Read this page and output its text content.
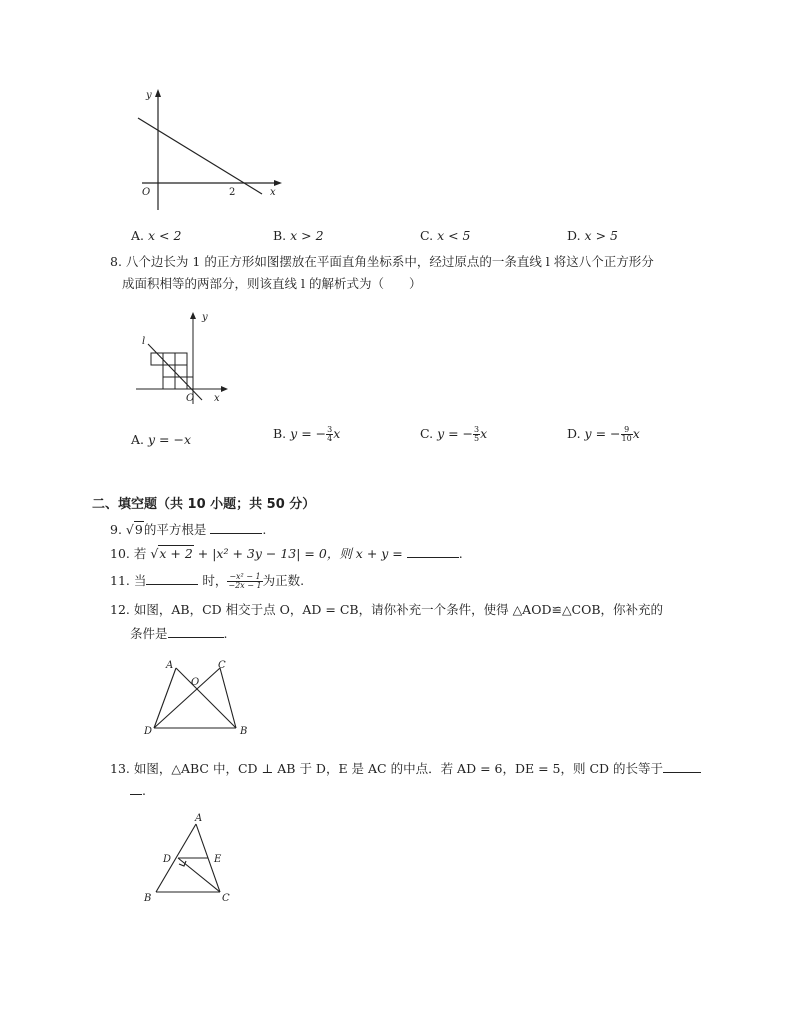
y
O	2	x
A. x < 2	B. x > 2	C. x < 5	D. x > 5
8. 八个边长为 1 的正方形如图摆放在平面直角坐标系中，经过原点的一条直线 l 将这八个正方形分
成面积相等的两部分，则该直线 l 的解析式为（　　）
l
y
O x
A. y = −x	B. y = − $\frac{3}{4}$ x	C. y = − $\frac{3}{5}$ x	D. y = − $\frac{9}{10}$ x
二、填空题（共 10 小题；共 50 分）
9. √9的平方根是	.
10. 若 √x + 2 + |x² + 3y − 13| = 0，则 x + y =	.
11. 当	时， $\frac{\text{−x² − 1}}{-2x - 1}$ 为正数.
12. 如图，AB，CD 相交于点 O，AD = CB，请你补充一个条件，使得 △AOD≌△COB，你补充的
条件是	.
A	C
O
D	B
13. 如图，△ABC 中，CD ⊥ AB 于 D，E 是 AC 的中点．若 AD = 6，DE = 5，则 CD 的长等于
.
A
D	E
B	C
